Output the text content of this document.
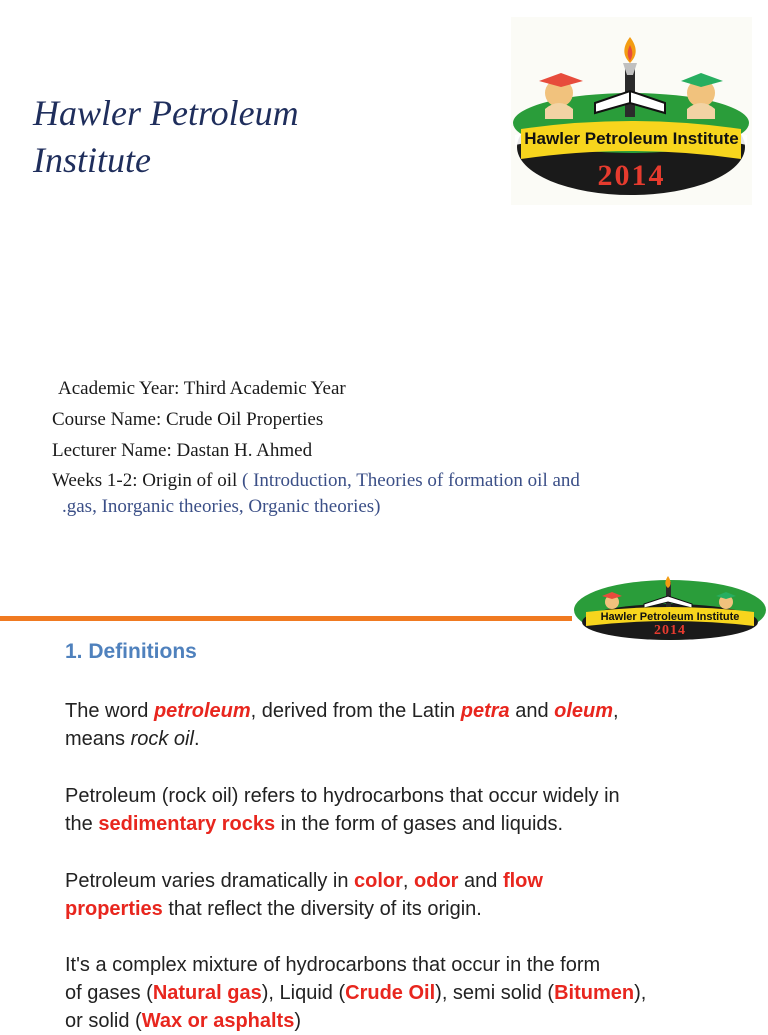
Hawler Petroleum
Institute
Hawler Petroleum Institute
2014
Academic Year: Third Academic Year
Course Name: Crude Oil Properties
Lecturer Name: Dastan H. Ahmed
Weeks 1-2: Origin of oil ( Introduction, Theories of formation oil and
.gas, Inorganic theories, Organic theories)
Hawler Petroleum Institute
2014
1. Definitions
The word petroleum, derived from the Latin petra and oleum,
means rock oil.
Petroleum (rock oil) refers to hydrocarbons that occur widely in
the sedimentary rocks in the form of gases and liquids.
Petroleum varies dramatically in color, odor and flow
properties that reflect the diversity of its origin.
It's a complex mixture of hydrocarbons that occur in the form
of gases (Natural gas), Liquid (Crude Oil), semi solid (Bitumen),
or solid (Wax or asphalts)
